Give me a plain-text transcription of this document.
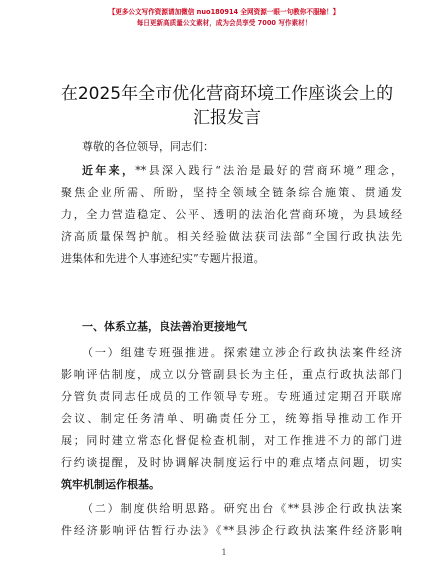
【更多公文写作资源请加微信 nuo180914 全网资源一眼一句教你不服输！】
每日更新高质量公文素材，成为会员享受 7000 写作素材！
在2025年全市优化营商环境工作座谈会上的汇报发言
尊敬的各位领导，同志们：
近年来，**县深入践行“法治是最好的营商环境”理念，
聚焦企业所需、所盼，坚持全领域全链条综合施策、贯通发
力，全力营造稳定、公平、透明的法治化营商环境，为县域经
济高质量保驾护航。相关经验做法获司法部“全国行政执法先
进集体和先进个人事迹纪实”专题片报道。
一、体系立基，良法善治更接地气
（一）组建专班强推进。探索建立涉企行政执法案件经济
影响评估制度，成立以分管副县长为主任，重点行政执法部门
分管负责同志任成员的工作领导专班。专班通过定期召开联席
会议、制定任务清单、明确责任分工，统筹指导推动工作开
展；同时建立常态化督促检查机制，对工作推进不力的部门进
行约谈提醒，及时协调解决制度运行中的难点堵点问题，切实
筑牢机制运作根基。
（二）制度供给明思路。研究出台《**县涉企行政执法案
件经济影响评估暂行办法》《**县涉企行政执法案件经济影响
1
